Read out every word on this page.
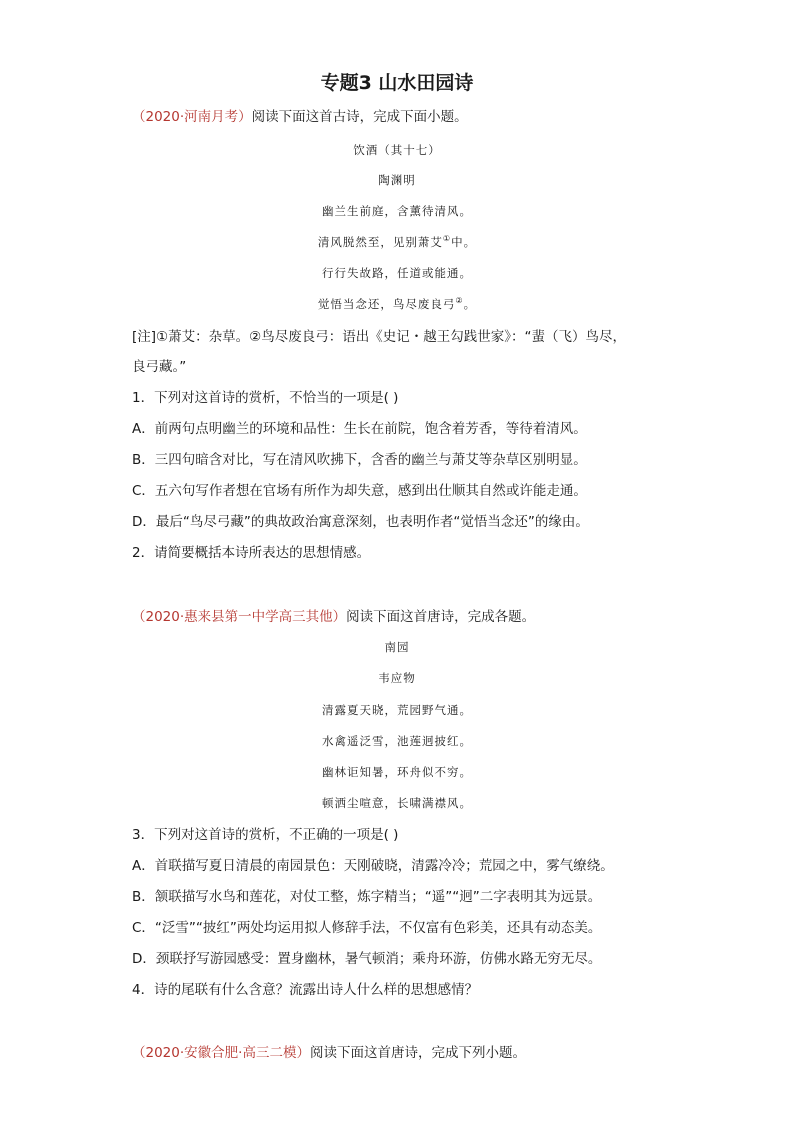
专题3 山水田园诗
（2020·河南月考）阅读下面这首古诗，完成下面小题。
饮酒（其十七）
陶渊明
幽兰生前庭，含薰待清风。
清风脱然至，见别萧艾①中。
行行失故路，任道或能通。
觉悟当念还，鸟尽废良弓②。
[注]①萧艾：杂草。②鸟尽废良弓：语出《史记・越王勾践世家》：“蜚（飞）鸟尽，
良弓藏。”
1．下列对这首诗的赏析，不恰当的一项是( )
A．前两句点明幽兰的环境和品性：生长在前院，饱含着芳香，等待着清风。
B．三四句暗含对比，写在清风吹拂下，含香的幽兰与萧艾等杂草区别明显。
C．五六句写作者想在官场有所作为却失意，感到出仕顺其自然或许能走通。
D．最后“鸟尽弓藏”的典故政治寓意深刻，也表明作者“觉悟当念还”的缘由。
2．请简要概括本诗所表达的思想情感。
（2020·惠来县第一中学高三其他）阅读下面这首唐诗，完成各题。
南园
韦应物
清露夏天晓，荒园野气通。
水禽遥泛雪，池莲迥披红。
幽林讵知暑，环舟似不穷。
顿洒尘喧意，长啸满襟风。
3．下列对这首诗的赏析，不正确的一项是( )
A．首联描写夏日清晨的南园景色：天刚破晓，清露冷冷；荒园之中，雾气缭绕。
B．颔联描写水鸟和莲花，对仗工整，炼字精当；“遥”“迥”二字表明其为远景。
C．“泛雪”“披红”两处均运用拟人修辞手法，不仅富有色彩美，还具有动态美。
D．颈联抒写游园感受：置身幽林，暑气顿消；乘舟环游，仿佛水路无穷无尽。
4．诗的尾联有什么含意？流露出诗人什么样的思想感情？
（2020·安徽合肥·高三二模）阅读下面这首唐诗，完成下列小题。
